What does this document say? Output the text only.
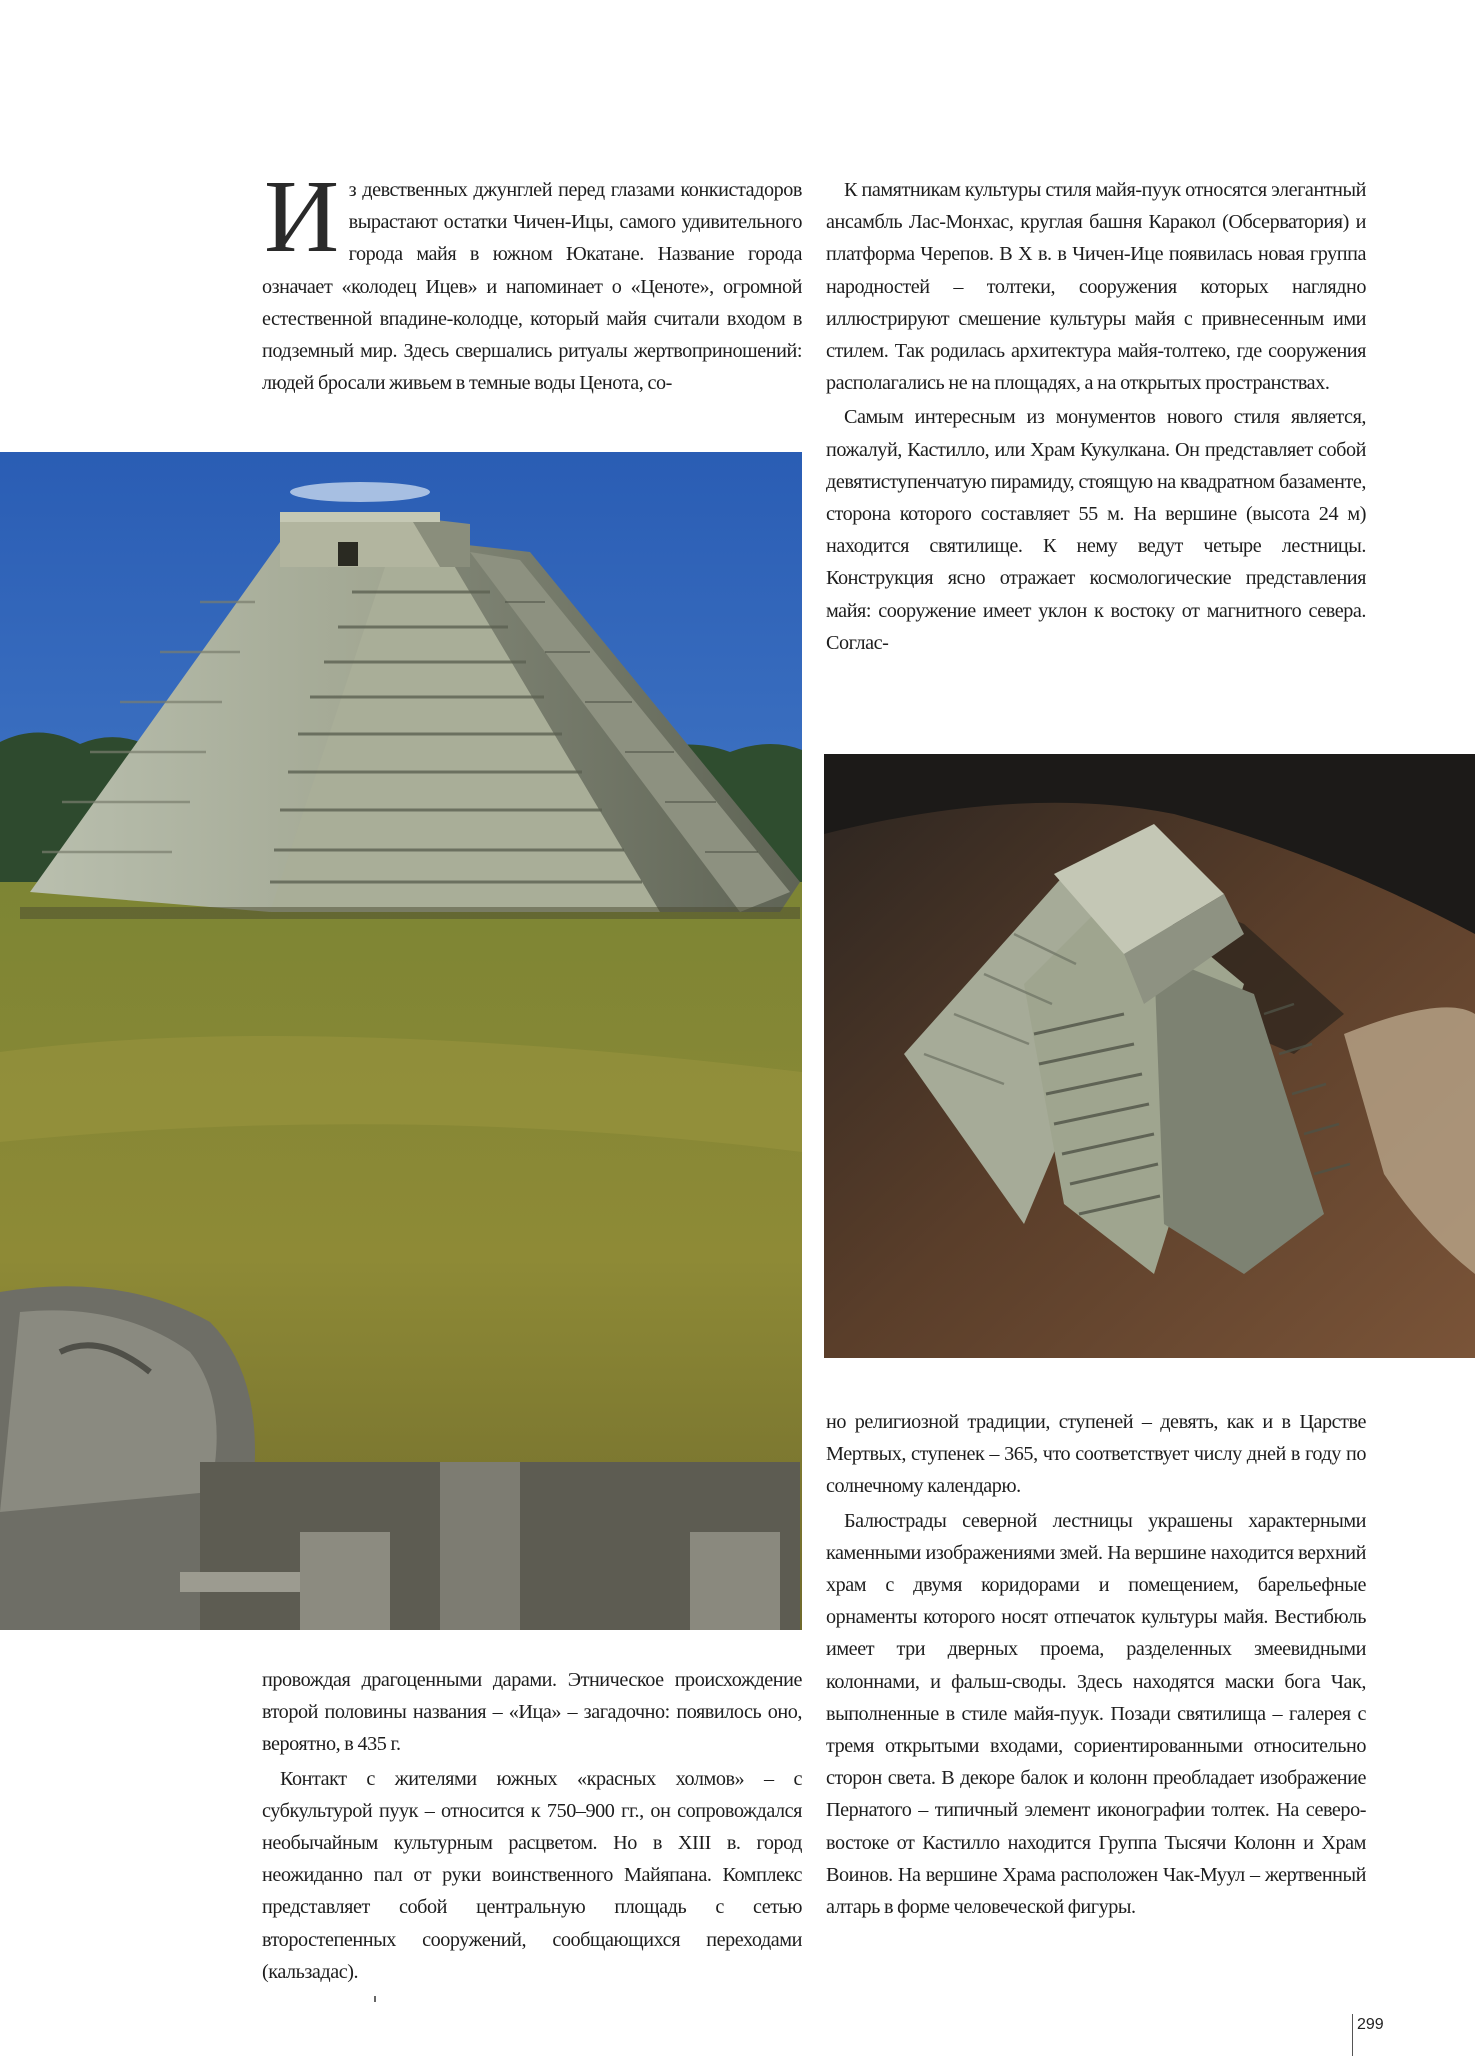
Из девственных джунглей перед глазами конкистадоров вырастают остатки Чичен-Ицы, самого удивительного города майя в южном Юкатане. Название города означает «колодец Ицев» и напоминает о «Ценоте», огромной естественной впадине-колодце, который майя считали входом в подземный мир. Здесь свершались ритуалы жертвоприношений: людей бросали живьем в темные воды Ценота, со-

провождая драгоценными дарами. Этническое происхождение второй половины названия – «Ица» – загадочно: появилось оно, вероятно, в 435 г.

Контакт с жителями южных «красных холмов» – с субкультурой пуук – относится к 750–900 гг., он сопровождался необычайным культурным расцветом. Но в XIII в. город неожиданно пал от руки воинственного Майяпана. Комплекс представляет собой центральную площадь с сетью второстепенных сооружений, сообщающихся переходами (кальзадас).

К памятникам культуры стиля майя-пуук относятся элегантный ансамбль Лас-Монхас, круглая башня Каракол (Обсерватория) и платформа Черепов. В X в. в Чичен-Ице появилась новая группа народностей – толтеки, сооружения которых наглядно иллюстрируют смешение культуры майя с привнесенным ими стилем. Так родилась архитектура майя-толтеко, где сооружения располагались не на площадях, а на открытых пространствах.

Самым интересным из монументов нового стиля является, пожалуй, Кастилло, или Храм Кукулкана. Он представляет собой девятиступенчатую пирамиду, стоящую на квадратном базаменте, сторона которого составляет 55 м. На вершине (высота 24 м) находится святилище. К нему ведут четыре лестницы. Конструкция ясно отражает космологические представления майя: сооружение имеет уклон к востоку от магнитного севера. Соглас-

но религиозной традиции, ступеней – девять, как и в Царстве Мертвых, ступенек – 365, что соответствует числу дней в году по солнечному календарю.

Балюстрады северной лестницы украшены характерными каменными изображениями змей. На вершине находится верхний храм с двумя коридорами и помещением, барельефные орнаменты которого носят отпечаток культуры майя. Вестибюль имеет три дверных проема, разделенных змеевидными колоннами, и фальш-своды. Здесь находятся маски бога Чак, выполненные в стиле майя-пуук. Позади святилища – галерея с тремя открытыми входами, сориентированными относительно сторон света. В декоре балок и колонн преобладает изображение Пернатого – типичный элемент иконографии толтек. На северо-востоке от Кастилло находится Группа Тысячи Колонн и Храм Воинов. На вершине Храма расположен Чак-Муул – жертвенный алтарь в форме человеческой фигуры.

299
